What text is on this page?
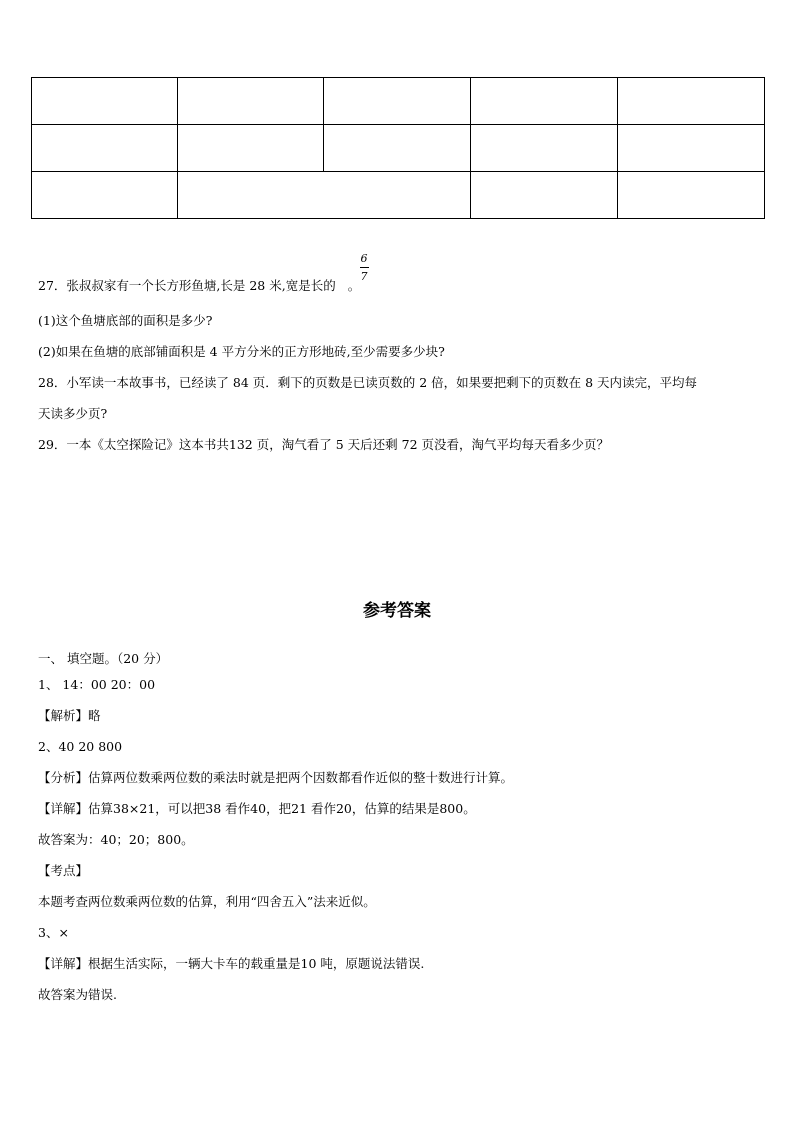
27．张叔叔家有一个长方形鱼塘,长是 28 米,宽是长的 。
6
7
(1)这个鱼塘底部的面积是多少?
(2)如果在鱼塘的底部铺面积是 4 平方分米的正方形地砖,至少需要多少块?
28．小军读一本故事书，已经读了 84 页．剩下的页数是已读页数的 2 倍，如果要把剩下的页数在 8 天内读完，平均每
天读多少页?
29．一本《太空探险记》这本书共132 页，淘气看了 5 天后还剩 72 页没看，淘气平均每天看多少页？
参考答案
一、 填空题。（20 分）
1、 14：00 20：00
【解析】略
2、40 20 800
【分析】估算两位数乘两位数的乘法时就是把两个因数都看作近似的整十数进行计算。
【详解】估算38×21，可以把38 看作40，把21 看作20，估算的结果是800。
故答案为：40；20；800。
【考点】
本题考查两位数乘两位数的估算，利用“四舍五入”法来近似。
3、×
【详解】根据生活实际，一辆大卡车的载重量是10 吨，原题说法错误.
故答案为错误.
